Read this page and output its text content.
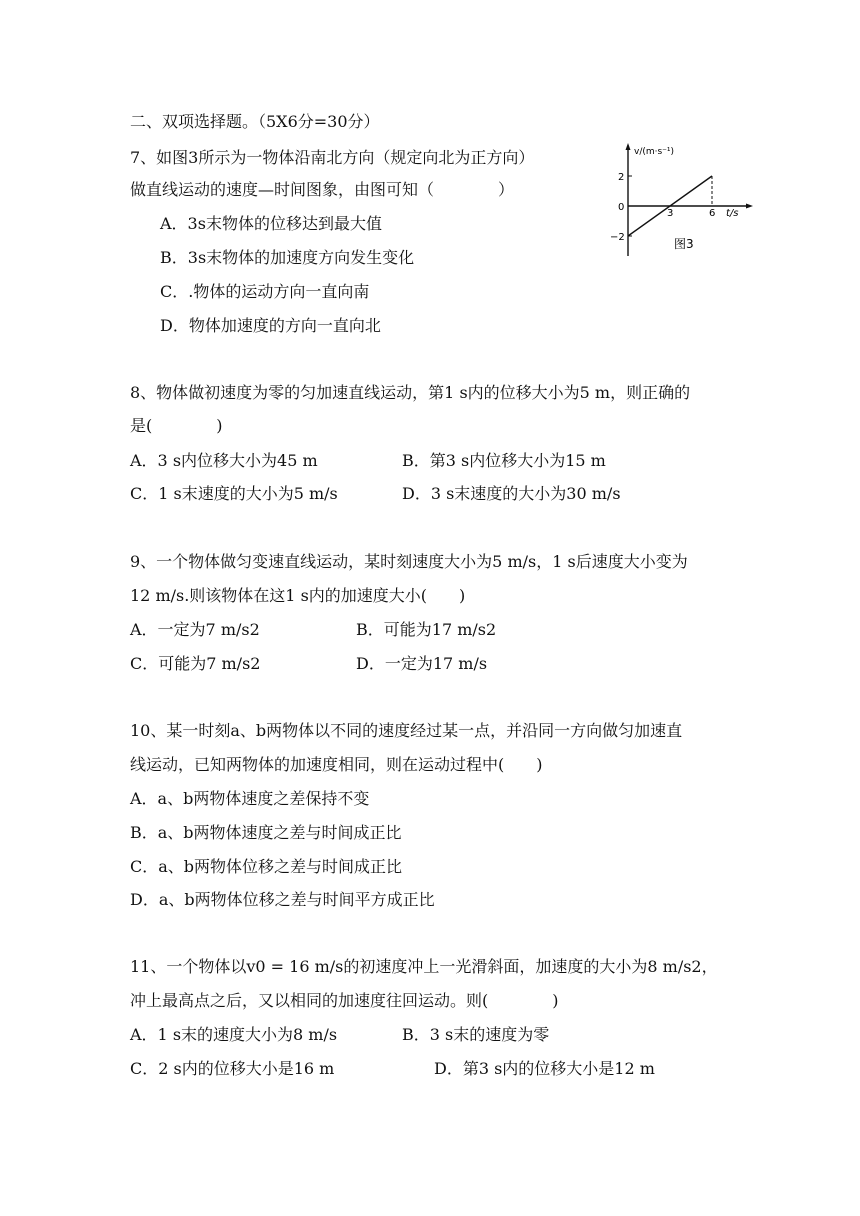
二、双项选择题。（5X6分=30分）
7、如图3所示为一物体沿南北方向（规定向北为正方向）
做直线运动的速度—时间图象，由图可知（　　　　）
A．3s末物体的位移达到最大值
B．3s末物体的加速度方向发生变化
C．.物体的运动方向一直向南
D．物体加速度的方向一直向北
v/(m·s⁻¹)
t/s
2
0
−2
3	6
图3
8、物体做初速度为零的匀加速直线运动，第1 s内的位移大小为5 m，则正确的
是(　　　　)
A．3 s内位移大小为45 m	B．第3 s内位移大小为15 m
C．1 s末速度的大小为5 m/s	D．3 s末速度的大小为30 m/s
9、一个物体做匀变速直线运动，某时刻速度大小为5 m/s，1 s后速度大小变为
12 m/s.则该物体在这1 s内的加速度大小(　　)
A．一定为7 m/s2	B．可能为17 m/s2
C．可能为7 m/s2	D．一定为17 m/s
10、某一时刻a、b两物体以不同的速度经过某一点，并沿同一方向做匀加速直
线运动，已知两物体的加速度相同，则在运动过程中(　　)
A．a、b两物体速度之差保持不变
B．a、b两物体速度之差与时间成正比
C．a、b两物体位移之差与时间成正比
D．a、b两物体位移之差与时间平方成正比
11、一个物体以v0 = 16 m/s的初速度冲上一光滑斜面，加速度的大小为8 m/s2，
冲上最高点之后，又以相同的加速度往回运动。则(　　　　)
A．1 s末的速度大小为8 m/s	B．3 s末的速度为零
C．2 s内的位移大小是16 m	D．第3 s内的位移大小是12 m
